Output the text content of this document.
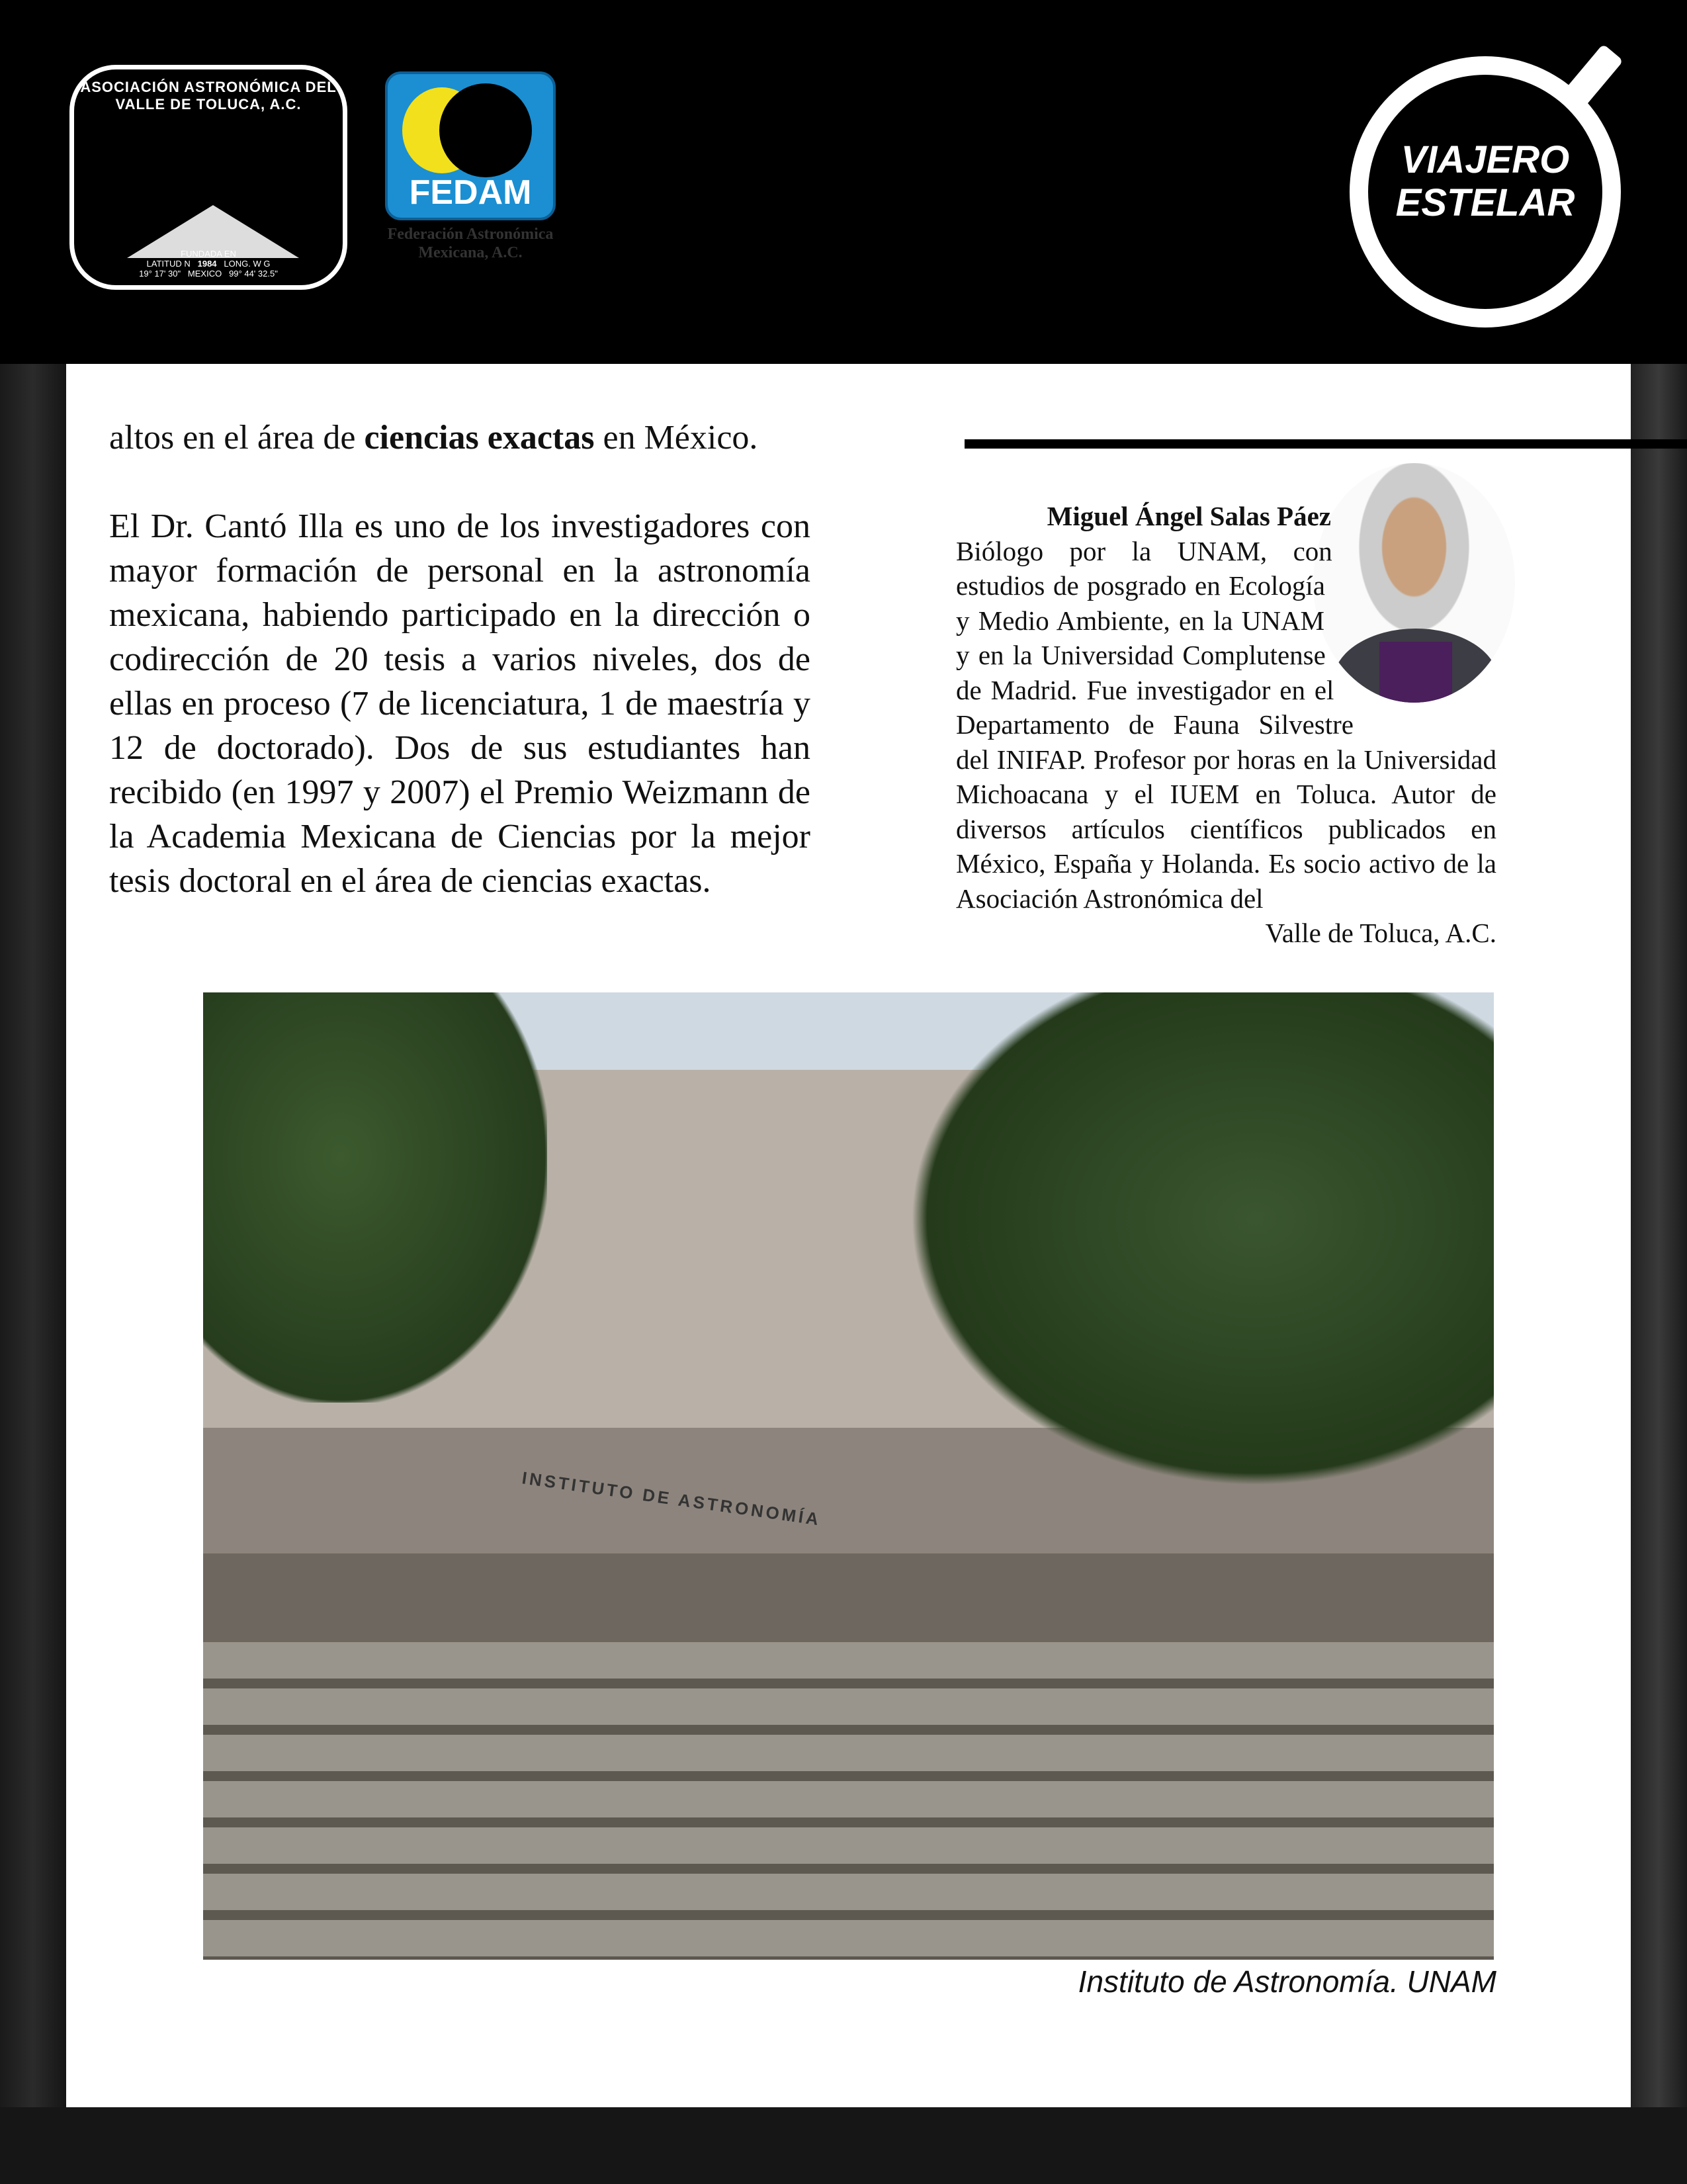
ASOCIACIÓN ASTRONÓMICA DEL VALLE DE TOLUCA, A.C.
FUNDADA EN
LATITUD N 1984 LONG. W G
19° 17' 30" MEXICO 99° 44' 32.5"
FEDAM
Federación Astronómica Mexicana, A.C.
VIAJERO
ESTELAR

altos en el área de ciencias exactas en México.

El Dr. Cantó Illa es uno de los investigadores con mayor formación de personal en la astronomía mexicana, habiendo participado en la dirección o codirección de 20 tesis a varios niveles, dos de ellas en proceso (7 de licenciatura, 1 de maestría y 12 de doctorado). Dos de sus estudiantes han recibido (en 1997 y 2007) el Premio Weizmann de la Academia Mexicana de Ciencias por la mejor tesis doctoral en el área de ciencias exactas.

Miguel Ángel Salas Páez
Biólogo por la UNAM, con estudios de posgrado en Ecología y Medio Ambiente, en la UNAM y en la Universidad Complutense de Madrid. Fue investigador en el Departamento de Fauna Silvestre del INIFAP. Profesor por horas en la Universidad Michoacana y el IUEM en Toluca. Autor de diversos artículos científicos publicados en México, España y Holanda. Es socio activo de la Asociación Astronómica del
Valle de Toluca, A.C.
INSTITUTO DE ASTRONOMÍA
Instituto de Astronomía. UNAM
